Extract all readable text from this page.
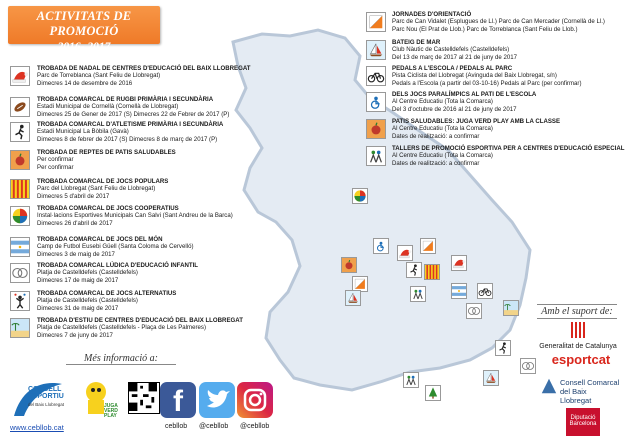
ACTIVITATS DE PROMOCIÓ
2016- 2017
TROBADA DE NADAL DE CENTRES D'EDUCACIÓ DEL BAIX LLOBREGAT
Parc de Torreblanca (Sant Feliu de Llobregat)
Dimecres 14 de desembre de 2016
TROBADA COMARCAL DE RUGBI PRIMÀRIA I SECUNDÀRIA
Estadi Municipal de Cornellà (Cornellà de Llobregat)
Dimecres 25 de Gener de 2017 (S) Dimecres 22 de Febrer de 2017 (P)
TROBADA COMARCAL D'ATLETISME PRIMÀRIA I SECUNDÀRIA
Estadi Municipal La Bòbila (Gavà)
Dimecres 8 de febrer de 2017 (S) Dimecres 8 de març de 2017 (P)
TROBADA DE REPTES DE PATIS SALUDABLES
Per confirmar
Per confirmar
TROBADA COMARCAL DE JOCS POPULARS
Parc del Llobregat (Sant Feliu de Llobregat)
Dimecres 5 d'abril de 2017
TROBADA COMARCAL DE JOCS COOPERATIUS
Instal·lacions Esportives Municipals Can Salvi (Sant Andreu de la Barca)
Dimecres 26 d'abril de 2017
TROBADA COMARCAL DE JOCS DEL MÓN
Camp de Futbol Eusebi Güell (Santa Coloma de Cervelló)
Dimecres 3 de maig de 2017
TROBADA COMARCAL LÚDICA D'EDUCACIÓ INFANTIL
Platja de Castelldefels (Castelldefels)
Dimecres 17 de maig de 2017
TROBADA COMARCAL DE JOCS ALTERNATIUS
Platja de Castelldefels (Castelldefels)
Dimecres 31 de maig de 2017
TROBADA D'ESTIU DE CENTRES D'EDUCACIÓ DEL BAIX LLOBREGAT
Platja de Castelldefels (Castelldefels - Plaça de Les Palmeres)
Dimecres 7 de juny de 2017
JORNADES D'ORIENTACIÓ
Parc de Can Vidalet (Esplugues de Ll.) Parc de Can Mercader (Cornellà de Ll.)
Parc Nou (El Prat de Llob.) Parc de Torreblanca (Sant Feliu de Llob.)
BATEIG DE MAR
Club Nàutic de Castelldefels (Castelldefels)
Del 13 de març de 2017 al 21 de juny de 2017
PEDALS A L'ESCOLA / PEDALS AL PARC
Pista Ciclista del Llobregat (Avinguda del Baix Llobregat, s/n)
Pedals a l'Escola (a partir del 03-10-16) Pedals al Parc (per confirmar)
DELS JOCS PARALÍMPICS AL PATI DE L'ESCOLA
Al Centre Educatiu (Tota la Comarca)
Del 3 d'octubre de 2016 al 21 de juny de 2017
PATIS SALUDABLES: JUGA VERD PLAY AMB LA CLASSE
Al Centre Educatiu (Tota la Comarca)
Dates de realització: a confirmar
TALLERS DE PROMOCIÓ ESPORTIVA PER A CENTRES D'EDUCACIÓ ESPECIAL
Al Centre Educatiu (Tota la Comarca)
Dates de realització: a confirmar
Amb el suport de:
Generalitat de Catalunya
esportcat
Consell Comarcal
del Baix Llobregat
Diputació
Barcelona
Més informació a:
CONSELL ESPORTIU
del Baix Llobregat	JUGA VERD PLAY	f
www.cebllob.cat	cebllob @cebllob @cebllob
